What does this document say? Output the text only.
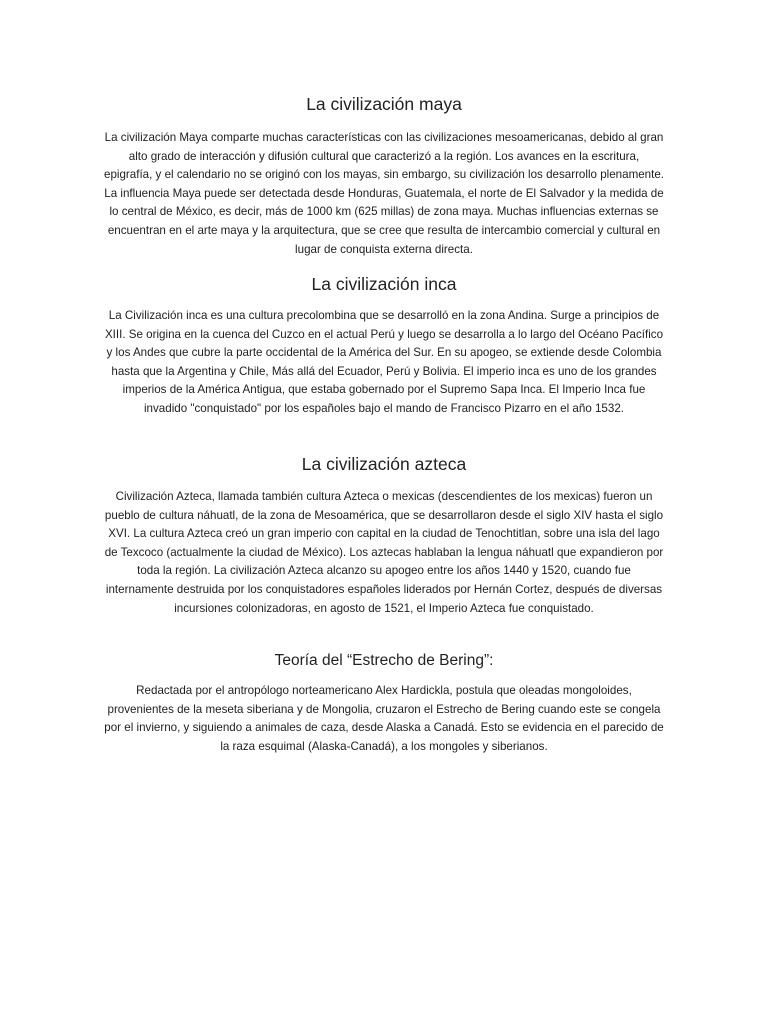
La civilización maya

La civilización Maya comparte muchas características con las civilizaciones mesoamericanas, debido al gran alto grado de interacción y difusión cultural que caracterizó a la región. Los avances en la escritura, epigrafía, y el calendario no se originó con los mayas, sin embargo, su civilización los desarrollo plenamente. La influencia Maya puede ser detectada desde Honduras, Guatemala, el norte de El Salvador y la medida de lo central de México, es decir, más de 1000 km (625 millas) de zona maya. Muchas influencias externas se encuentran en el arte maya y la arquitectura, que se cree que resulta de intercambio comercial y cultural en lugar de conquista externa directa.

La civilización inca

La Civilización inca es una cultura precolombina que se desarrolló en la zona Andina. Surge a principios de XIII. Se origina en la cuenca del Cuzco en el actual Perú y luego se desarrolla a lo largo del Océano Pacífico y los Andes que cubre la parte occidental de la América del Sur. En su apogeo, se extiende desde Colombia hasta que la Argentina y Chile, Más allá del Ecuador, Perú y Bolivia. El imperio inca es uno de los grandes imperios de la América Antigua, que estaba gobernado por el Supremo Sapa Inca. El Imperio Inca fue invadido "conquistado" por los españoles bajo el mando de Francisco Pizarro en el año 1532.

La civilización azteca

Civilización Azteca, llamada también cultura Azteca o mexicas (descendientes de los mexicas) fueron un pueblo de cultura náhuatl, de la zona de Mesoamérica, que se desarrollaron desde el siglo XIV hasta el siglo XVI. La cultura Azteca creó un gran imperio con capital en la ciudad de Tenochtitlan, sobre una isla del lago de Texcoco (actualmente la ciudad de México). Los aztecas hablaban la lengua náhuatl que expandieron por toda la región. La civilización Azteca alcanzo su apogeo entre los años 1440 y 1520, cuando fue internamente destruida por los conquistadores españoles liderados por Hernán Cortez, después de diversas incursiones colonizadoras, en agosto de 1521, el Imperio Azteca fue conquistado.

Teoría del “Estrecho de Bering”:

Redactada por el antropólogo norteamericano Alex Hardickla, postula que oleadas mongoloides, provenientes de la meseta siberiana y de Mongolia, cruzaron el Estrecho de Bering cuando este se congela por el invierno, y siguiendo a animales de caza, desde Alaska a Canadá. Esto se evidencia en el parecido de la raza esquimal (Alaska-Canadá), a los mongoles y siberianos.
